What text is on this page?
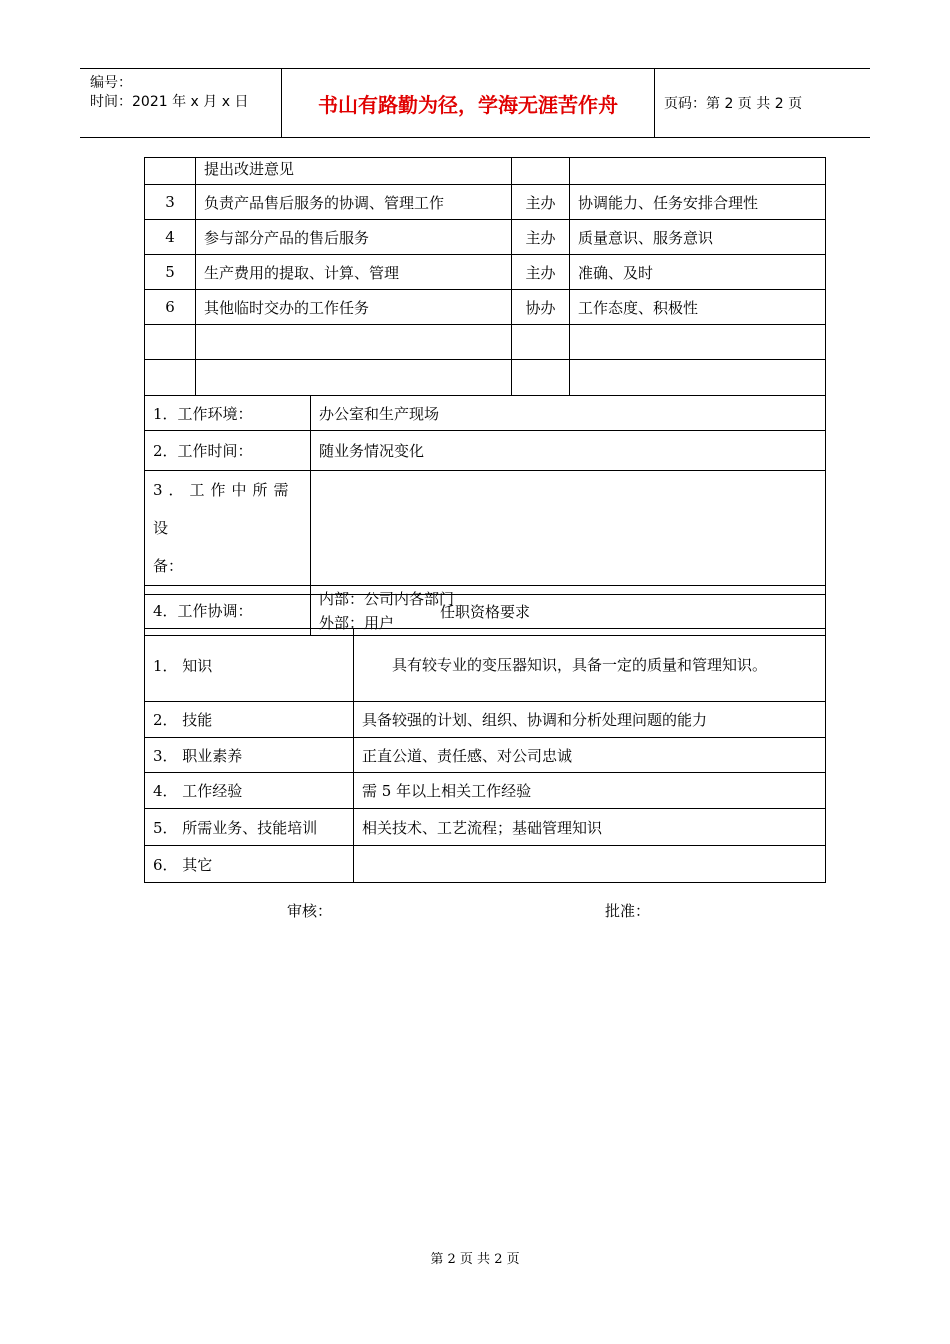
编号：
时间：2021 年 x 月 x 日	书山有路勤为径，学海无涯苦作舟	页码：第 2 页 共 2 页
	提出改进意见		
3	负责产品售后服务的协调、管理工作	主办	协调能力、任务安排合理性
4	参与部分产品的售后服务	主办	质量意识、服务意识
5	生产费用的提取、计算、管理	主办	准确、及时
6	其他临时交办的工作任务	协办	工作态度、积极性

1．工作环境：	办公室和生产现场
2．工作时间：	随业务情况变化

3．工作中所需设
备：	

4．工作协调：	内部：公司内各部门
外部：用户
任职资格要求	
1． 知识	具有较专业的变压器知识，具备一定的质量和管理知识。
2． 技能	具备较强的计划、组织、协调和分析处理问题的能力
3． 职业素养	正直公道、责任感、对公司忠诚
4． 工作经验	需 5 年以上相关工作经验
5． 所需业务、技能培训	相关技术、工艺流程；基础管理知识
6． 其它	
审核：	批准：
第 2 页 共 2 页
